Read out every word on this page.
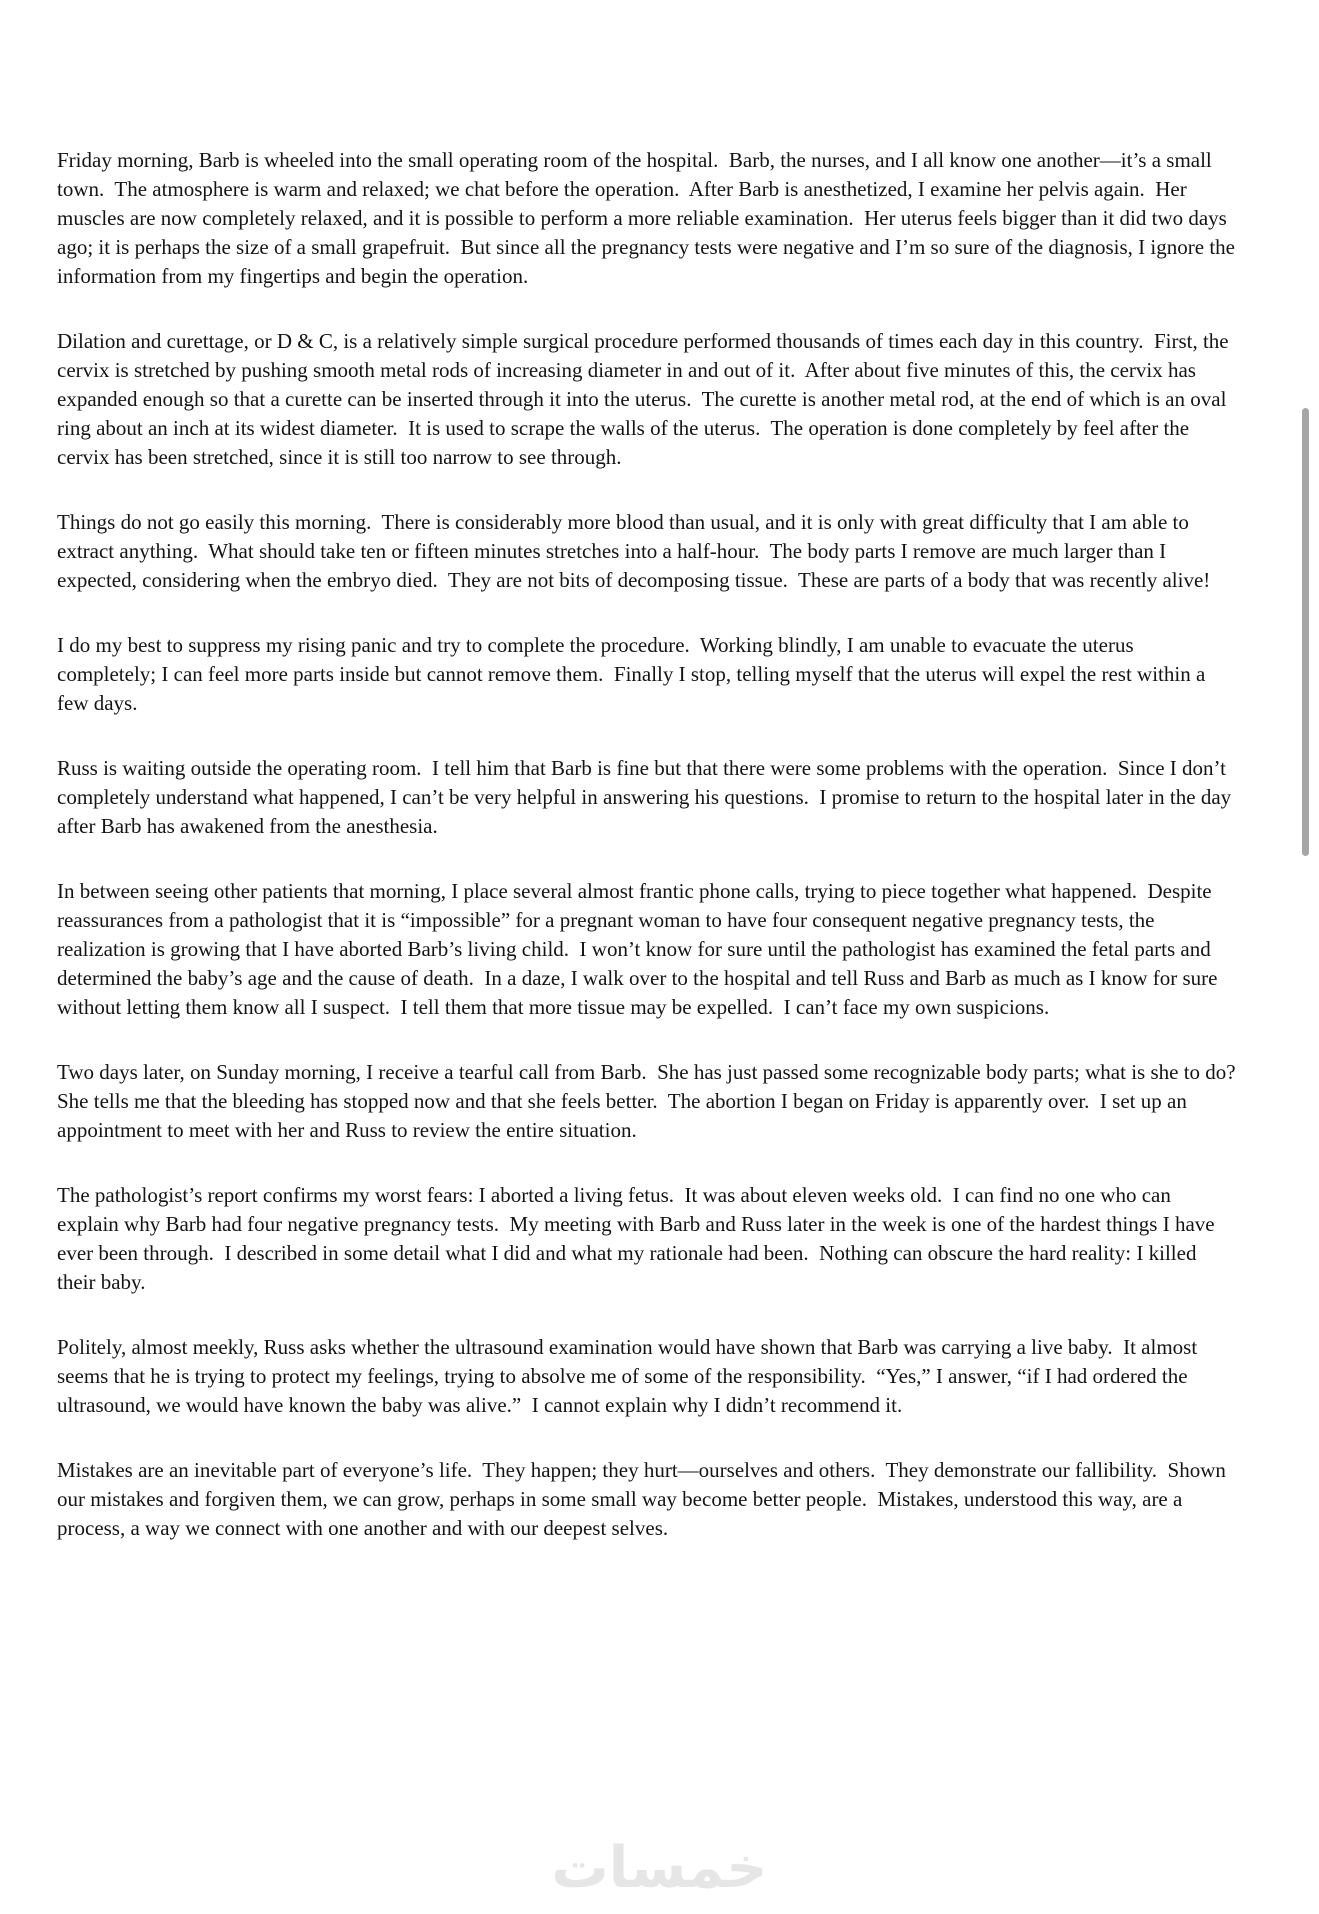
Friday morning, Barb is wheeled into the small operating room of the hospital.  Barb, the nurses, and I all know one another—it’s a small town.  The atmosphere is warm and relaxed; we chat before the operation.  After Barb is anesthetized, I examine her pelvis again.  Her muscles are now completely relaxed, and it is possible to perform a more reliable examination.  Her uterus feels bigger than it did two days ago; it is perhaps the size of a small grapefruit.  But since all the pregnancy tests were negative and I’m so sure of the diagnosis, I ignore the information from my fingertips and begin the operation.

Dilation and curettage, or D & C, is a relatively simple surgical procedure performed thousands of times each day in this country.  First, the cervix is stretched by pushing smooth metal rods of increasing diameter in and out of it.  After about five minutes of this, the cervix has expanded enough so that a curette can be inserted through it into the uterus.  The curette is another metal rod, at the end of which is an oval ring about an inch at its widest diameter.  It is used to scrape the walls of the uterus.  The operation is done completely by feel after the cervix has been stretched, since it is still too narrow to see through.

Things do not go easily this morning.  There is considerably more blood than usual, and it is only with great difficulty that I am able to extract anything.  What should take ten or fifteen minutes stretches into a half-hour.  The body parts I remove are much larger than I expected, considering when the embryo died.  They are not bits of decomposing tissue.  These are parts of a body that was recently alive!

I do my best to suppress my rising panic and try to complete the procedure.  Working blindly, I am unable to evacuate the uterus completely; I can feel more parts inside but cannot remove them.  Finally I stop, telling myself that the uterus will expel the rest within a few days.

Russ is waiting outside the operating room.  I tell him that Barb is fine but that there were some problems with the operation.  Since I don’t completely understand what happened, I can’t be very helpful in answering his questions.  I promise to return to the hospital later in the day after Barb has awakened from the anesthesia.

In between seeing other patients that morning, I place several almost frantic phone calls, trying to piece together what happened.  Despite reassurances from a pathologist that it is “impossible” for a pregnant woman to have four consequent negative pregnancy tests, the realization is growing that I have aborted Barb’s living child.  I won’t know for sure until the pathologist has examined the fetal parts and determined the baby’s age and the cause of death.  In a daze, I walk over to the hospital and tell Russ and Barb as much as I know for sure without letting them know all I suspect.  I tell them that more tissue may be expelled.  I can’t face my own suspicions.

Two days later, on Sunday morning, I receive a tearful call from Barb.  She has just passed some recognizable body parts; what is she to do?  She tells me that the bleeding has stopped now and that she feels better.  The abortion I began on Friday is apparently over.  I set up an appointment to meet with her and Russ to review the entire situation.

The pathologist’s report confirms my worst fears: I aborted a living fetus.  It was about eleven weeks old.  I can find no one who can explain why Barb had four negative pregnancy tests.  My meeting with Barb and Russ later in the week is one of the hardest things I have ever been through.  I described in some detail what I did and what my rationale had been.  Nothing can obscure the hard reality: I killed their baby.

Politely, almost meekly, Russ asks whether the ultrasound examination would have shown that Barb was carrying a live baby.  It almost seems that he is trying to protect my feelings, trying to absolve me of some of the responsibility.  “Yes,” I answer, “if I had ordered the ultrasound, we would have known the baby was alive.”  I cannot explain why I didn’t recommend it.

Mistakes are an inevitable part of everyone’s life.  They happen; they hurt—ourselves and others.  They demonstrate our fallibility.  Shown our mistakes and forgiven them, we can grow, perhaps in some small way become better people.  Mistakes, understood this way, are a process, a way we connect with one another and with our deepest selves.

خمسات
